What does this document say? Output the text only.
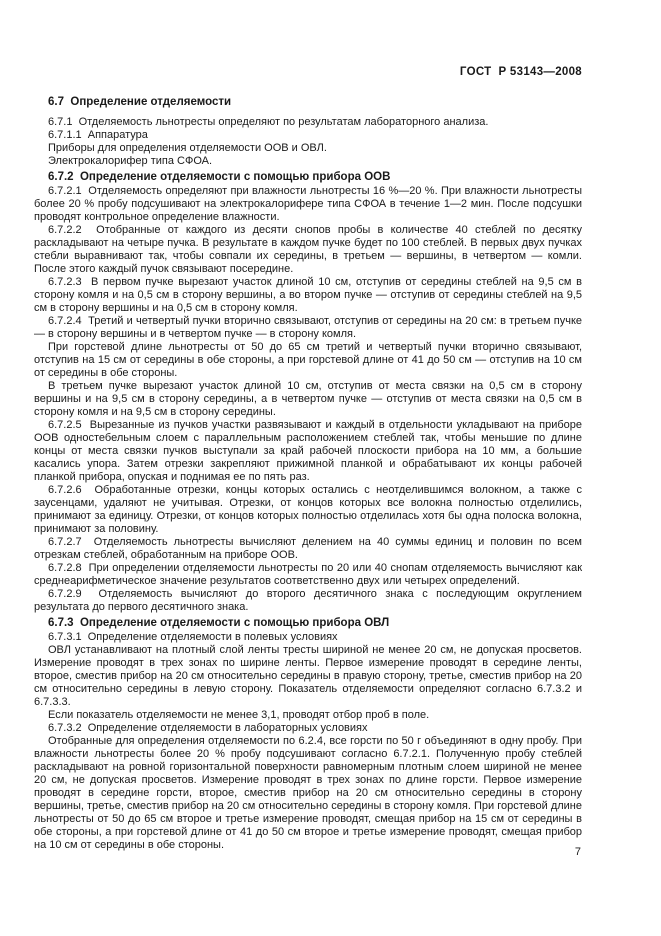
ГОСТ  Р 53143—2008

6.7  Определение отделяемости

6.7.1  Отделяемость льнотресты определяют по результатам лабораторного анализа.

6.7.1.1  Аппаратура

Приборы для определения отделяемости ООВ и ОВЛ.

Электрокалорифер типа СФОА.

6.7.2  Определение отделяемости с помощью прибора ООВ

6.7.2.1  Отделяемость определяют при влажности льнотресты 16 %—20 %. При влажности льнотресты более 20 % пробу подсушивают на электрокалорифере типа СФОА в течение 1—2 мин. После подсушки проводят контрольное определение влажности.

6.7.2.2  Отобранные от каждого из десяти снопов пробы в количестве 40 стеблей по десятку раскладывают на четыре пучка. В результате в каждом пучке будет по 100 стеблей. В первых двух пучках стебли выравнивают так, чтобы совпали их середины, в третьем — вершины, в четвертом — комли. После этого каждый пучок связывают посередине.

6.7.2.3  В первом пучке вырезают участок длиной 10 см, отступив от середины стеблей на 9,5 см в сторону комля и на 0,5 см в сторону вершины, а во втором пучке — отступив от середины стеблей на 9,5 см в сторону вершины и на 0,5 см в сторону комля.

6.7.2.4  Третий и четвертый пучки вторично связывают, отступив от середины на 20 см: в третьем пучке — в сторону вершины и в четвертом пучке — в сторону комля.

При горстевой длине льнотресты от 50 до 65 см третий и четвертый пучки вторично связывают, отступив на 15 см от середины в обе стороны, а при горстевой длине от 41 до 50 см — отступив на 10 см от середины в обе стороны.

В третьем пучке вырезают участок длиной 10 см, отступив от места связки на 0,5 см в сторону вершины и на 9,5 см в сторону середины, а в четвертом пучке — отступив от места связки на 0,5 см в сторону комля и на 9,5 см в сторону середины.

6.7.2.5  Вырезанные из пучков участки развязывают и каждый в отдельности укладывают на приборе ООВ одностебельным слоем с параллельным расположением стеблей так, чтобы меньшие по длине концы от места связки пучков выступали за край рабочей плоскости прибора на 10 мм, а большие касались упора. Затем отрезки закрепляют прижимной планкой и обрабатывают их концы рабочей планкой прибора, опуская и поднимая ее по пять раз.

6.7.2.6  Обработанные отрезки, концы которых остались с неотделившимся волокном, а также с заусенцами, удаляют не учитывая. Отрезки, от концов которых все волокна полностью отделились, принимают за единицу. Отрезки, от концов которых полностью отделилась хотя бы одна полоска волокна, принимают за половину.

6.7.2.7  Отделяемость льнотресты вычисляют делением на 40 суммы единиц и половин по всем отрезкам стеблей, обработанным на приборе ООВ.

6.7.2.8  При определении отделяемости льнотресты по 20 или 40 снопам отделяемость вычисляют как среднеарифметическое значение результатов соответственно двух или четырех определений.

6.7.2.9  Отделяемость вычисляют до второго десятичного знака с последующим округлением результата до первого десятичного знака.

6.7.3  Определение отделяемости с помощью прибора ОВЛ

6.7.3.1  Определение отделяемости в полевых условиях

ОВЛ устанавливают на плотный слой ленты тресты шириной не менее 20 см, не допуская просветов. Измерение проводят в трех зонах по ширине ленты. Первое измерение проводят в середине ленты, второе, сместив прибор на 20 см относительно середины в правую сторону, третье, сместив прибор на 20 см относительно середины в левую сторону. Показатель отделяемости определяют согласно 6.7.3.2 и 6.7.3.3.

Если показатель отделяемости не менее 3,1, проводят отбор проб в поле.

6.7.3.2  Определение отделяемости в лабораторных условиях

Отобранные для определения отделяемости по 6.2.4, все горсти по 50 г объединяют в одну пробу. При влажности льнотресты более 20 % пробу подсушивают согласно 6.7.2.1. Полученную пробу стеблей раскладывают на ровной горизонтальной поверхности равномерным плотным слоем шириной не менее 20 см, не допуская просветов. Измерение проводят в трех зонах по длине горсти. Первое измерение проводят в середине горсти, второе, сместив прибор на 20 см относительно середины в сторону вершины, третье, сместив прибор на 20 см относительно середины в сторону комля. При горстевой длине льнотресты от 50 до 65 см второе и третье измерение проводят, смещая прибор на 15 см от середины в обе стороны, а при горстевой длине от 41 до 50 см второе и третье измерение проводят, смещая прибор на 10 см от середины в обе стороны.

7
